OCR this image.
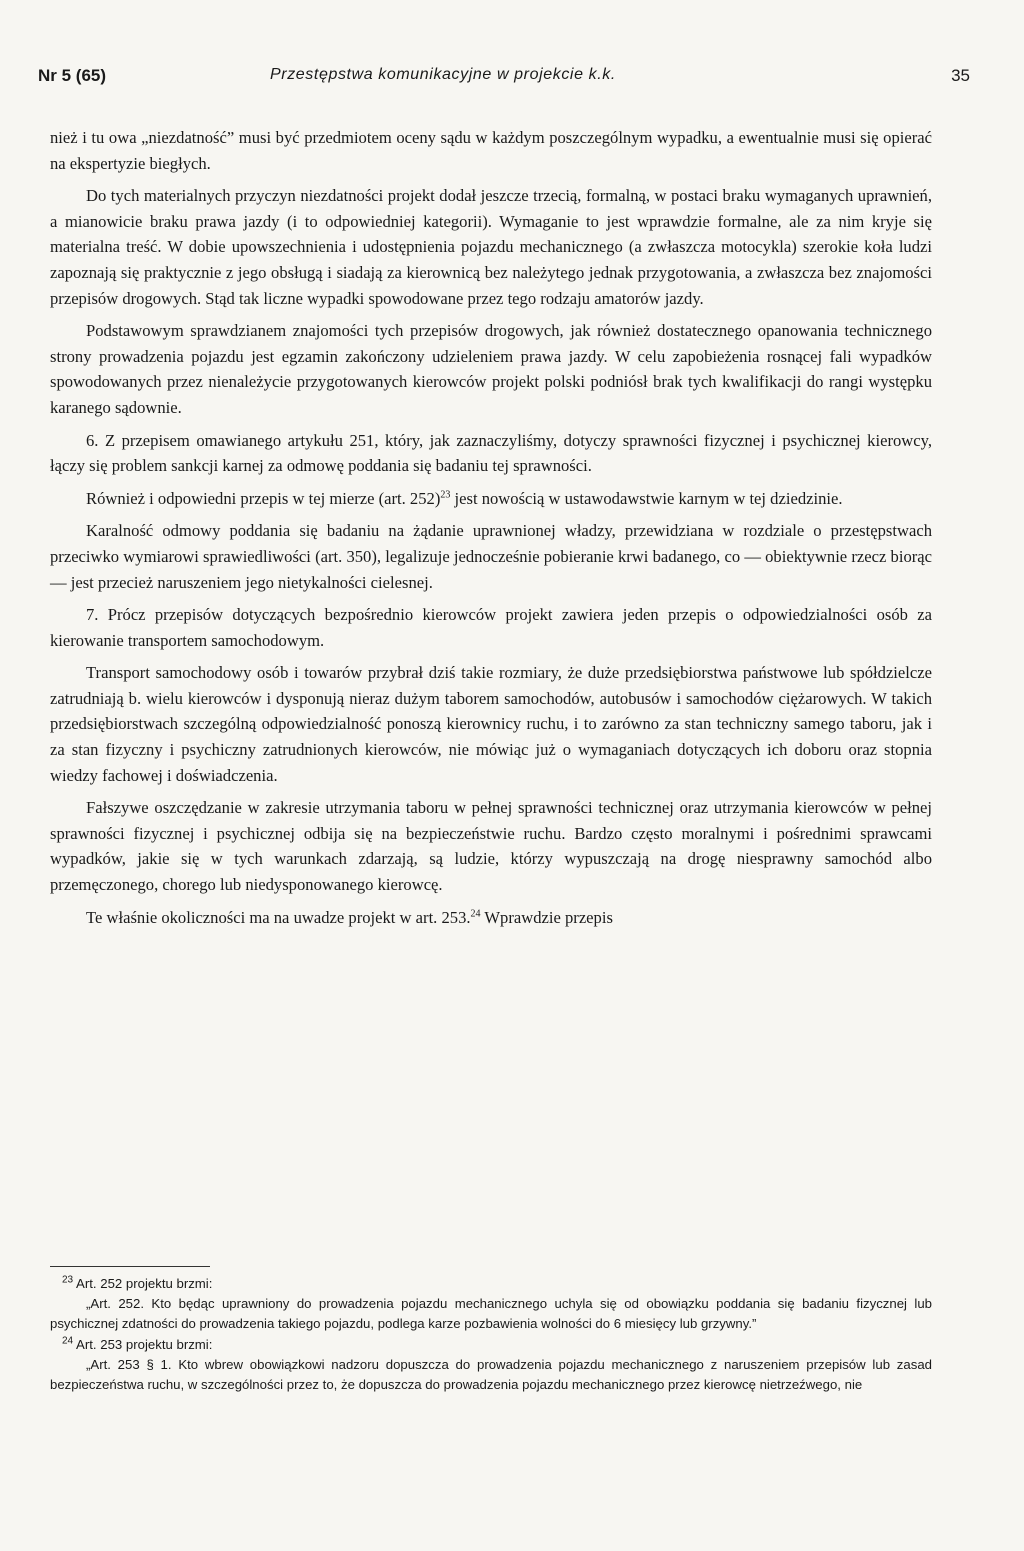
Nr 5 (65)	Przestępstwa komunikacyjne w projekcie k.k.	35

nież i tu owa „niezdatność” musi być przedmiotem oceny sądu w każdym poszczególnym wypadku, a ewentualnie musi się opierać na ekspertyzie biegłych.

Do tych materialnych przyczyn niezdatności projekt dodał jeszcze trzecią, formalną, w postaci braku wymaganych uprawnień, a mianowicie braku prawa jazdy (i to odpowiedniej kategorii). Wymaganie to jest wprawdzie formalne, ale za nim kryje się materialna treść. W dobie upowszechnienia i udostępnienia pojazdu mechanicznego (a zwłaszcza motocykla) szerokie koła ludzi zapoznają się praktycznie z jego obsługą i siadają za kierownicą bez należytego jednak przygotowania, a zwłaszcza bez znajomości przepisów drogowych. Stąd tak liczne wypadki spowodowane przez tego rodzaju amatorów jazdy.

Podstawowym sprawdzianem znajomości tych przepisów drogowych, jak również dostatecznego opanowania technicznego strony prowadzenia pojazdu jest egzamin zakończony udzieleniem prawa jazdy. W celu zapobieżenia rosnącej fali wypadków spowodowanych przez nienależycie przygotowanych kierowców projekt polski podniósł brak tych kwalifikacji do rangi występku karanego sądownie.

6. Z przepisem omawianego artykułu 251, który, jak zaznaczyliśmy, dotyczy sprawności fizycznej i psychicznej kierowcy, łączy się problem sankcji karnej za odmowę poddania się badaniu tej sprawności.

Również i odpowiedni przepis w tej mierze (art. 252)$^{23}$ jest nowością w ustawodawstwie karnym w tej dziedzinie.

Karalność odmowy poddania się badaniu na żądanie uprawnionej władzy, przewidziana w rozdziale o przestępstwach przeciwko wymiarowi sprawiedliwości (art. 350), legalizuje jednocześnie pobieranie krwi badanego, co — obiektywnie rzecz biorąc — jest przecież naruszeniem jego nietykalności cielesnej.

7. Prócz przepisów dotyczących bezpośrednio kierowców projekt zawiera jeden przepis o odpowiedzialności osób za kierowanie transportem samochodowym.

Transport samochodowy osób i towarów przybrał dziś takie rozmiary, że duże przedsiębiorstwa państwowe lub spółdzielcze zatrudniają b. wielu kierowców i dysponują nieraz dużym taborem samochodów, autobusów i samochodów ciężarowych. W takich przedsiębiorstwach szczególną odpowiedzialność ponoszą kierownicy ruchu, i to zarówno za stan techniczny samego taboru, jak i za stan fizyczny i psychiczny zatrudnionych kierowców, nie mówiąc już o wymaganiach dotyczących ich doboru oraz stopnia wiedzy fachowej i doświadczenia.

Fałszywe oszczędzanie w zakresie utrzymania taboru w pełnej sprawności technicznej oraz utrzymania kierowców w pełnej sprawności fizycznej i psychicznej odbija się na bezpieczeństwie ruchu. Bardzo często moralnymi i pośrednimi sprawcami wypadków, jakie się w tych warunkach zdarzają, są ludzie, którzy wypuszczają na drogę niesprawny samochód albo przemęczonego, chorego lub niedysponowanego kierowcę.

Te właśnie okoliczności ma na uwadze projekt w art. 253.24 Wprawdzie przepis

$^{23}$ Art. 252 projektu brzmi:

„Art. 252. Kto będąc uprawniony do prowadzenia pojazdu mechanicznego uchyla się od obowiązku poddania się badaniu fizycznej lub psychicznej zdatności do prowadzenia takiego pojazdu, podlega karze pozbawienia wolności do 6 miesięcy lub grzywny.”

$^{24}$ Art. 253 projektu brzmi:

„Art. 253 § 1. Kto wbrew obowiązkowi nadzoru dopuszcza do prowadzenia pojazdu mechanicznego z naruszeniem przepisów lub zasad bezpieczeństwa ruchu, w szczególności przez to, że dopuszcza do prowadzenia pojazdu mechanicznego przez kierowcę nietrzeźwego, nie
